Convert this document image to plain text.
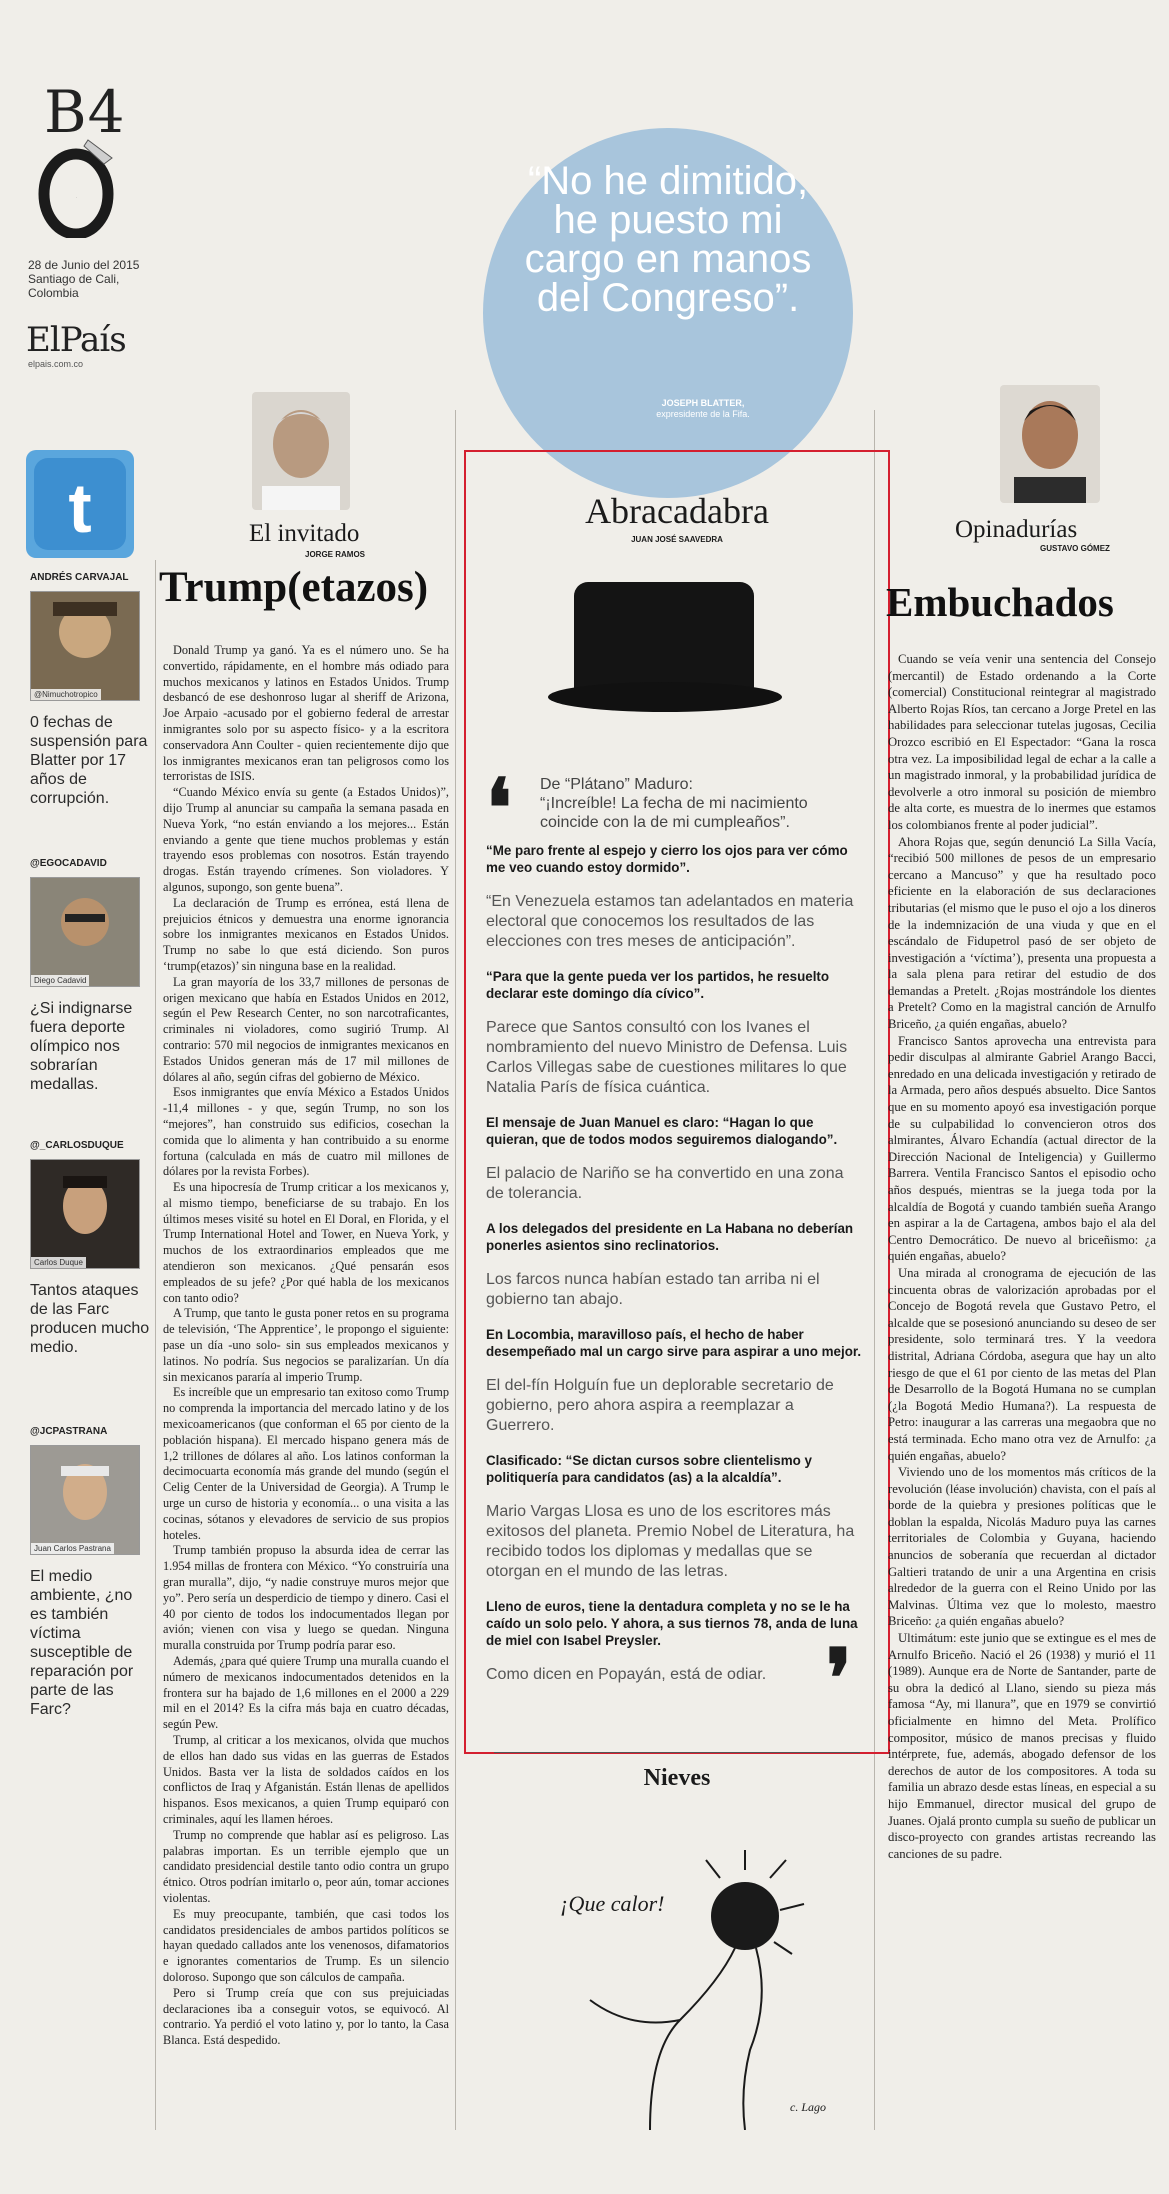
B4
O
28 de Junio del 2015 Santiago de Cali, Colombia
ElPaís
elpais.com.co
t
ANDRÉS CARVAJAL
@Nimuchotropico
0 fechas de suspensión para Blatter por 17 años de corrupción.
@EGOCADAVID
Diego Cadavid
¿Si indignarse fuera deporte olímpico nos sobrarían medallas.
@_CARLOSDUQUE
Carlos Duque
Tantos ataques de las Farc producen mucho medio.
@JCPASTRANA
Juan Carlos Pastrana
El medio ambiente, ¿no es también víctima susceptible de reparación por parte de las Farc?
“No he dimitido, he puesto mi cargo en manos del Congreso”.
JOSEPH BLATTER,
expresidente de la Fifa.
El invitado
JORGE RAMOS
Trump(etazos)

Donald Trump ya ganó. Ya es el número uno. Se ha convertido, rápidamente, en el hombre más odiado para muchos mexicanos y latinos en Estados Unidos. Trump desbancó de ese deshonroso lugar al sheriff de Arizona, Joe Arpaio -acusado por el gobierno federal de arrestar inmigrantes solo por su aspecto físico- y a la escritora conservadora Ann Coulter - quien recientemente dijo que los inmigrantes mexicanos eran tan peligrosos como los terroristas de ISIS.

“Cuando México envía su gente (a Estados Unidos)”, dijo Trump al anunciar su campaña la semana pasada en Nueva York, “no están enviando a los mejores... Están enviando a gente que tiene muchos problemas y están trayendo esos problemas con nosotros. Están trayendo drogas. Están trayendo crímenes. Son violadores. Y algunos, supongo, son gente buena”.

La declaración de Trump es errónea, está llena de prejuicios étnicos y demuestra una enorme ignorancia sobre los inmigrantes mexicanos en Estados Unidos. Trump no sabe lo que está diciendo. Son puros ‘trump(etazos)’ sin ninguna base en la realidad.

La gran mayoría de los 33,7 millones de personas de origen mexicano que había en Estados Unidos en 2012, según el Pew Research Center, no son narcotraficantes, criminales ni violadores, como sugirió Trump. Al contrario: 570 mil negocios de inmigrantes mexicanos en Estados Unidos generan más de 17 mil millones de dólares al año, según cifras del gobierno de México.

Esos inmigrantes que envía México a Estados Unidos -11,4 millones - y que, según Trump, no son los “mejores”, han construido sus edificios, cosechan la comida que lo alimenta y han contribuido a su enorme fortuna (calculada en más de cuatro mil millones de dólares por la revista Forbes).

Es una hipocresía de Trump criticar a los mexicanos y, al mismo tiempo, beneficiarse de su trabajo. En los últimos meses visité su hotel en El Doral, en Florida, y el Trump International Hotel and Tower, en Nueva York, y muchos de los extraordinarios empleados que me atendieron son mexicanos. ¿Qué pensarán esos empleados de su jefe? ¿Por qué habla de los mexicanos con tanto odio?

A Trump, que tanto le gusta poner retos en su programa de televisión, ‘The Apprentice’, le propongo el siguiente: pase un día -uno solo- sin sus empleados mexicanos y latinos. No podría. Sus negocios se paralizarían. Un día sin mexicanos pararía al imperio Trump.

Es increíble que un empresario tan exitoso como Trump no comprenda la importancia del mercado latino y de los mexicoamericanos (que conforman el 65 por ciento de la población hispana). El mercado hispano genera más de 1,2 trillones de dólares al año. Los latinos conforman la decimocuarta economía más grande del mundo (según el Celig Center de la Universidad de Georgia). A Trump le urge un curso de historia y economía... o una visita a las cocinas, sótanos y elevadores de servicio de sus propios hoteles.

Trump también propuso la absurda idea de cerrar las 1.954 millas de frontera con México. “Yo construiría una gran muralla”, dijo, “y nadie construye muros mejor que yo”. Pero sería un desperdicio de tiempo y dinero. Casi el 40 por ciento de todos los indocumentados llegan por avión; vienen con visa y luego se quedan. Ninguna muralla construida por Trump podría parar eso.

Además, ¿para qué quiere Trump una muralla cuando el número de mexicanos indocumentados detenidos en la frontera sur ha bajado de 1,6 millones en el 2000 a 229 mil en el 2014? Es la cifra más baja en cuatro décadas, según Pew.

Trump, al criticar a los mexicanos, olvida que muchos de ellos han dado sus vidas en las guerras de Estados Unidos. Basta ver la lista de soldados caídos en los conflictos de Iraq y Afganistán. Están llenas de apellidos hispanos. Esos mexicanos, a quien Trump equiparó con criminales, aquí les llamen héroes.

Trump no comprende que hablar así es peligroso. Las palabras importan. Es un terrible ejemplo que un candidato presidencial destile tanto odio contra un grupo étnico. Otros podrían imitarlo o, peor aún, tomar acciones violentas.

Es muy preocupante, también, que casi todos los candidatos presidenciales de ambos partidos políticos se hayan quedado callados ante los venenosos, difamatorios e ignorantes comentarios de Trump. Es un silencio doloroso. Supongo que son cálculos de campaña.

Pero si Trump creía que con sus prejuiciadas declaraciones iba a conseguir votos, se equivocó. Al contrario. Ya perdió el voto latino y, por lo tanto, la Casa Blanca. Está despedido.

Abracadabra
JUAN JOSÉ SAAVEDRA
❛ De “Plátano” Maduro:
“¡Increíble! La fecha de mi nacimiento coincide con la de mi cumpleaños”.
“Me paro frente al espejo y cierro los ojos para ver cómo me veo cuando estoy dormido”.
“En Venezuela estamos tan adelantados en materia electoral que conocemos los resultados de las elecciones con tres meses de anticipación”.
“Para que la gente pueda ver los partidos, he resuelto declarar este domingo día cívico”.
Parece que Santos consultó con los Ivanes el nombramiento del nuevo Ministro de Defensa. Luis Carlos Villegas sabe de cuestiones militares lo que Natalia París de física cuántica.
El mensaje de Juan Manuel es claro: “Hagan lo que quieran, que de todos modos seguiremos dialogando”.
El palacio de Nariño se ha convertido en una zona de tolerancia.
A los delegados del presidente en La Habana no deberían ponerles asientos sino reclinatorios.
Los farcos nunca habían estado tan arriba ni el gobierno tan abajo.
En Locombia, maravilloso país, el hecho de haber desempeñado mal un cargo sirve para aspirar a uno mejor.
El del-fín Holguín fue un deplorable secretario de gobierno, pero ahora aspira a reemplazar a Guerrero.
Clasificado: “Se dictan cursos sobre clientelismo y politiquería para candidatos (as) a la alcaldía”.
Mario Vargas Llosa es uno de los escritores más exitosos del planeta. Premio Nobel de Literatura, ha recibido todos los diplomas y medallas que se otorgan en el mundo de las letras.
Lleno de euros, tiene la dentadura completa y no se le ha caído un solo pelo. Y ahora, a sus tiernos 78, anda de luna de miel con Isabel Preysler.
Como dicen en Popayán, está de odiar. ❜
Nieves
¡Que calor!
c. Lago
Opinadurías
GUSTAVO GÓMEZ
Embuchados

Cuando se veía venir una sentencia del Consejo (mercantil) de Estado ordenando a la Corte (comercial) Constitucional reintegrar al magistrado Alberto Rojas Ríos, tan cercano a Jorge Pretel en las habilidades para seleccionar tutelas jugosas, Cecilia Orozco escribió en El Espectador: “Gana la rosca otra vez. La imposibilidad legal de echar a la calle a un magistrado inmoral, y la probabilidad jurídica de devolverle a otro inmoral su posición de miembro de alta corte, es muestra de lo inermes que estamos los colombianos frente al poder judicial”.

Ahora Rojas que, según denunció La Silla Vacía, “recibió 500 millones de pesos de un empresario cercano a Mancuso” y que ha resultado poco eficiente en la elaboración de sus declaraciones tributarias (el mismo que le puso el ojo a los dineros de la indemnización de una viuda y que en el escándalo de Fidupetrol pasó de ser objeto de investigación a ‘víctima’), presenta una propuesta a la sala plena para retirar del estudio de dos demandas a Pretelt. ¿Rojas mostrándole los dientes a Pretelt? Como en la magistral canción de Arnulfo Briceño, ¿a quién engañas, abuelo?

Francisco Santos aprovecha una entrevista para pedir disculpas al almirante Gabriel Arango Bacci, enredado en una delicada investigación y retirado de la Armada, pero años después absuelto. Dice Santos que en su momento apoyó esa investigación porque de su culpabilidad lo convencieron otros dos almirantes, Álvaro Echandía (actual director de la Dirección Nacional de Inteligencia) y Guillermo Barrera. Ventila Francisco Santos el episodio ocho años después, mientras se la juega toda por la alcaldía de Bogotá y cuando también sueña Arango en aspirar a la de Cartagena, ambos bajo el ala del Centro Democrático. De nuevo al briceñismo: ¿a quién engañas, abuelo?

Una mirada al cronograma de ejecución de las cincuenta obras de valorización aprobadas por el Concejo de Bogotá revela que Gustavo Petro, el alcalde que se posesionó anunciando su deseo de ser presidente, solo terminará tres. Y la veedora distrital, Adriana Córdoba, asegura que hay un alto riesgo de que el 61 por ciento de las metas del Plan de Desarrollo de la Bogotá Humana no se cumplan (¿la Bogotá Medio Humana?). La respuesta de Petro: inaugurar a las carreras una megaobra que no está terminada. Echo mano otra vez de Arnulfo: ¿a quién engañas, abuelo?

Viviendo uno de los momentos más críticos de la revolución (léase involución) chavista, con el país al borde de la quiebra y presiones políticas que le doblan la espalda, Nicolás Maduro puya las carnes territoriales de Colombia y Guyana, haciendo anuncios de soberanía que recuerdan al dictador Galtieri tratando de unir a una Argentina en crisis alrededor de la guerra con el Reino Unido por las Malvinas. Última vez que lo molesto, maestro Briceño: ¿a quién engañas abuelo?

Ultimátum: este junio que se extingue es el mes de Arnulfo Briceño. Nació el 26 (1938) y murió el 11 (1989). Aunque era de Norte de Santander, parte de su obra la dedicó al Llano, siendo su pieza más famosa “Ay, mi llanura”, que en 1979 se convirtió oficialmente en himno del Meta. Prolífico compositor, músico de manos precisas y fluido intérprete, fue, además, abogado defensor de los derechos de autor de los compositores. A toda su familia un abrazo desde estas líneas, en especial a su hijo Emmanuel, director musical del grupo de Juanes. Ojalá pronto cumpla su sueño de publicar un disco-proyecto con grandes artistas recreando las canciones de su padre.
